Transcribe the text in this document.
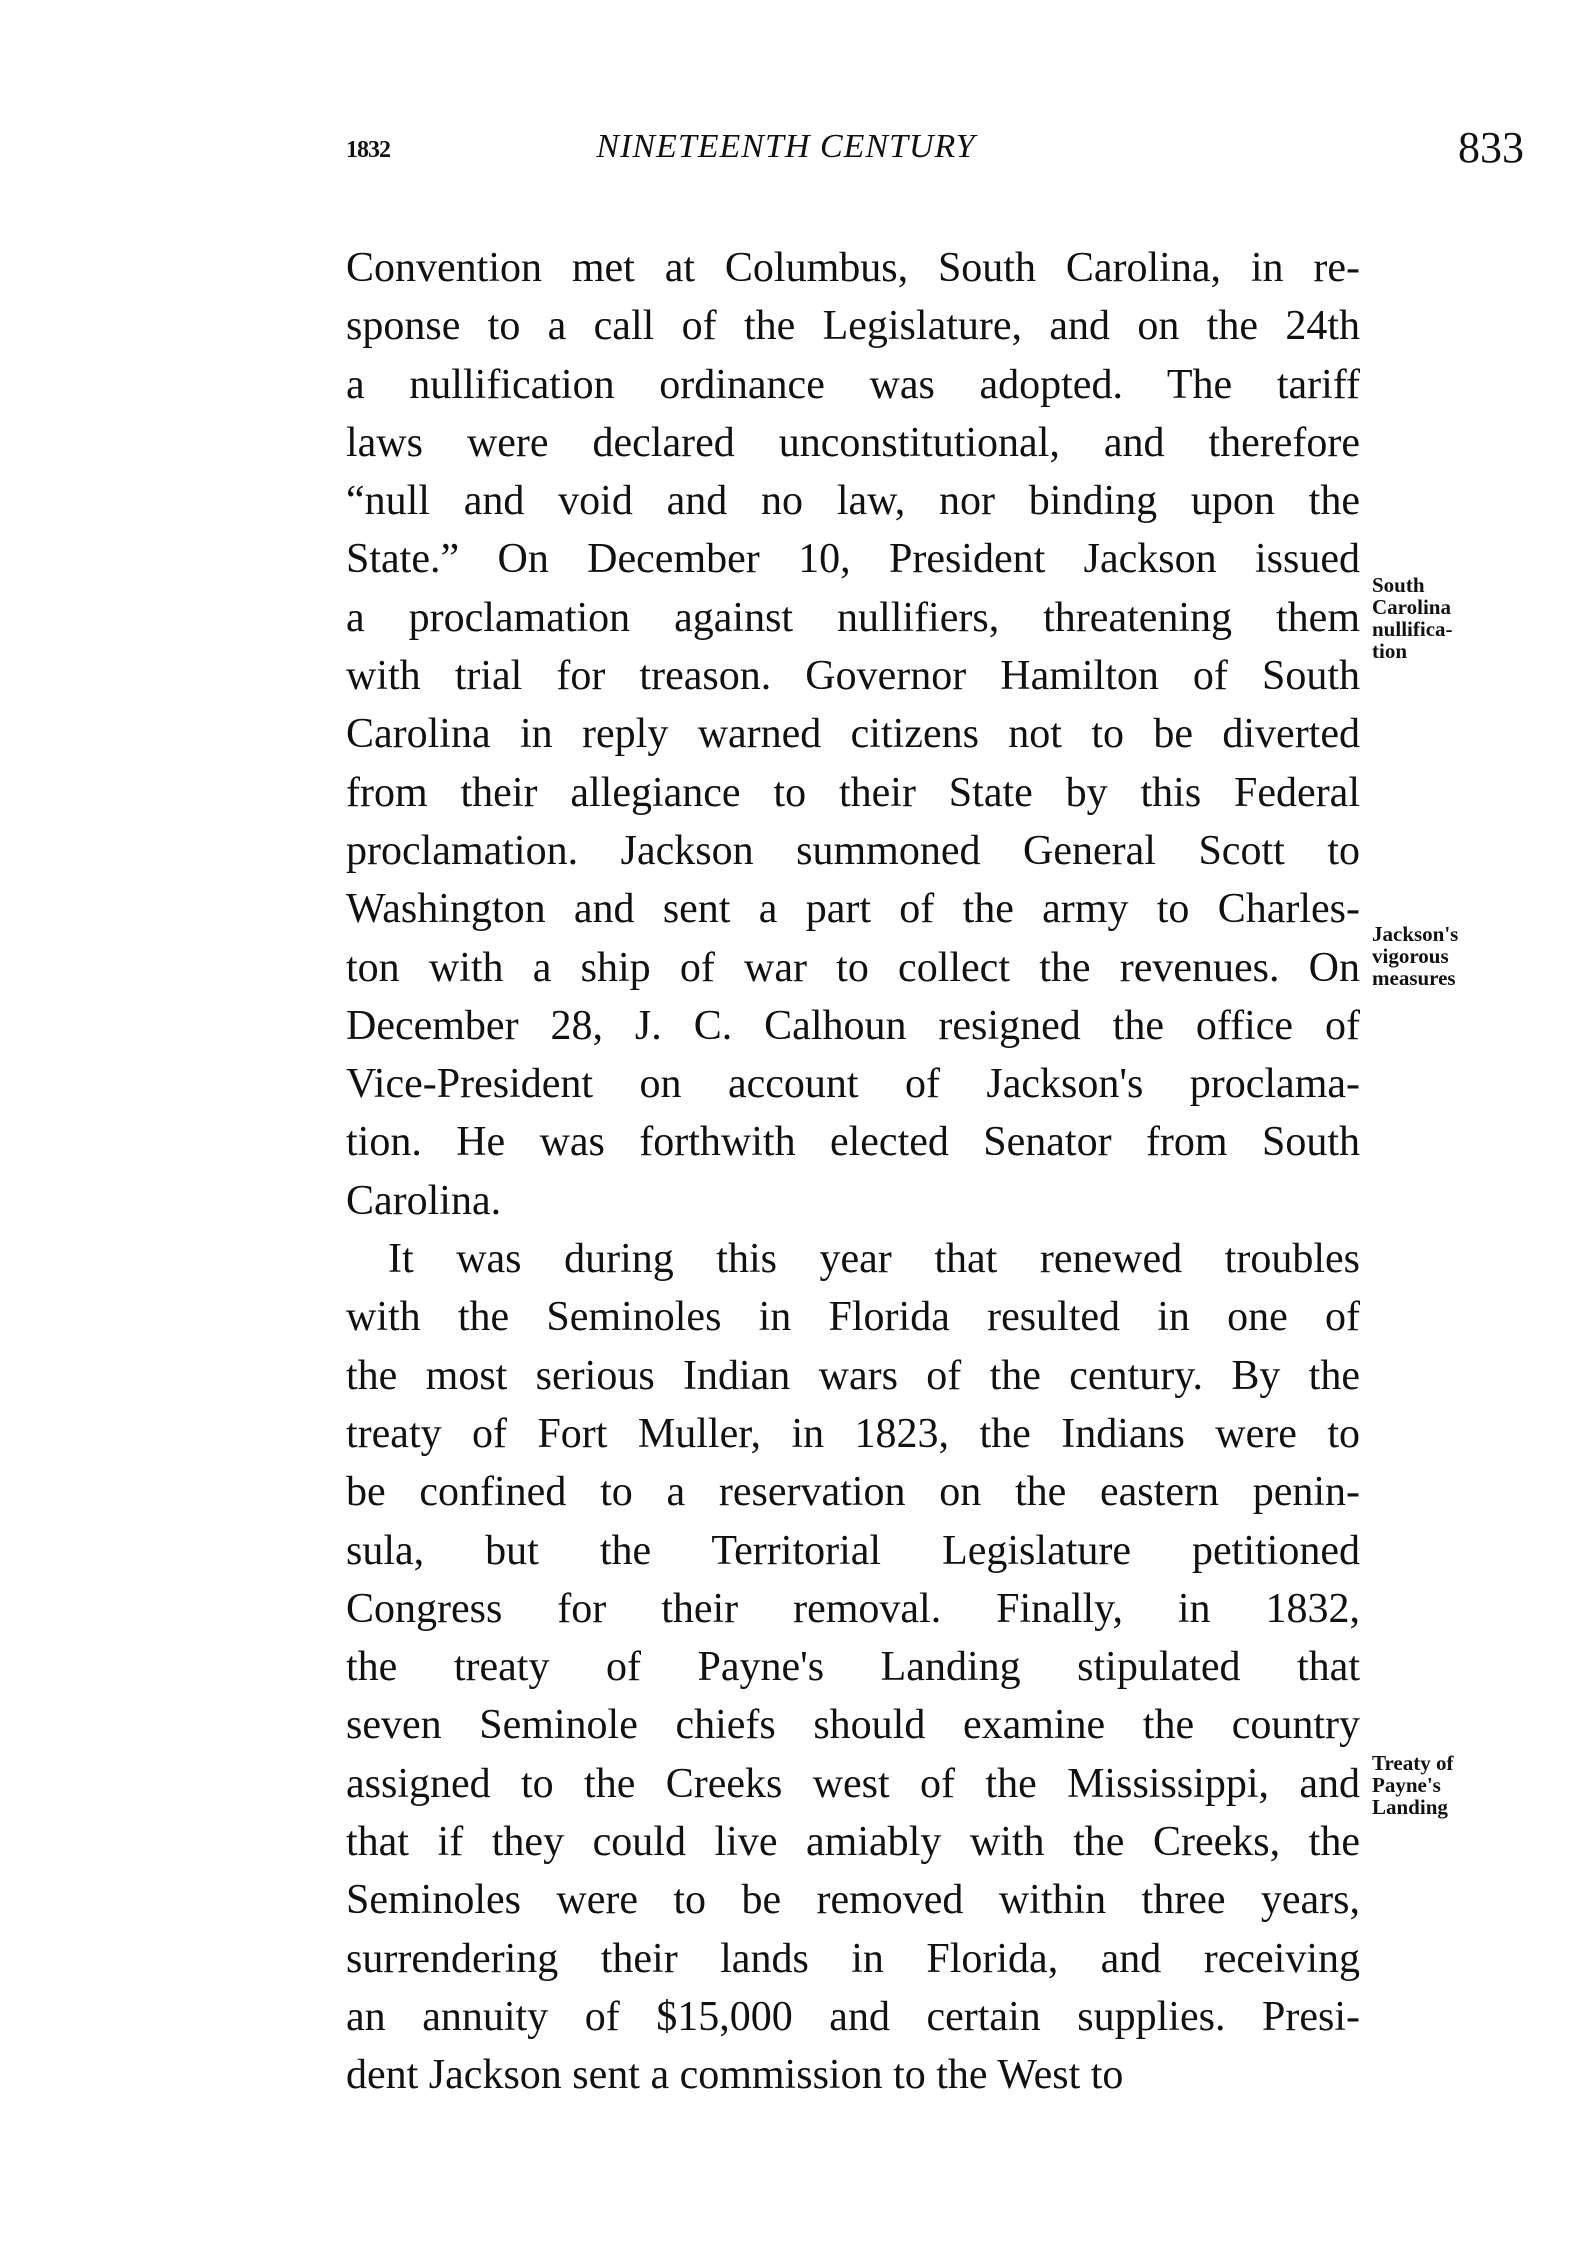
1832	NINETEENTH CENTURY	833
Convention met at Columbus, South Carolina, in re-
sponse to a call of the Legislature, and on the 24th
a nullification ordinance was adopted. The tariff
laws were declared unconstitutional, and therefore
“null and void and no law, nor binding upon the
State.” On December 10, President Jackson issued
a proclamation against nullifiers, threatening them
with trial for treason. Governor Hamilton of South
Carolina in reply warned citizens not to be diverted
from their allegiance to their State by this Federal
proclamation. Jackson summoned General Scott to
Washington and sent a part of the army to Charles-
ton with a ship of war to collect the revenues. On
December 28, J. C. Calhoun resigned the office of
Vice-President on account of Jackson's proclama-
tion. He was forthwith elected Senator from South
Carolina.
It was during this year that renewed troubles
with the Seminoles in Florida resulted in one of
the most serious Indian wars of the century. By the
treaty of Fort Muller, in 1823, the Indians were to
be confined to a reservation on the eastern penin-
sula, but the Territorial Legislature petitioned
Congress for their removal. Finally, in 1832,
the treaty of Payne's Landing stipulated that
seven Seminole chiefs should examine the country
assigned to the Creeks west of the Mississippi, and
that if they could live amiably with the Creeks, the
Seminoles were to be removed within three years,
surrendering their lands in Florida, and receiving
an annuity of $15,000 and certain supplies. Presi-
dent Jackson sent a commission to the West to
South
Carolina
nullifica-
tion
Jackson's
vigorous
measures
Treaty of
Payne's
Landing
